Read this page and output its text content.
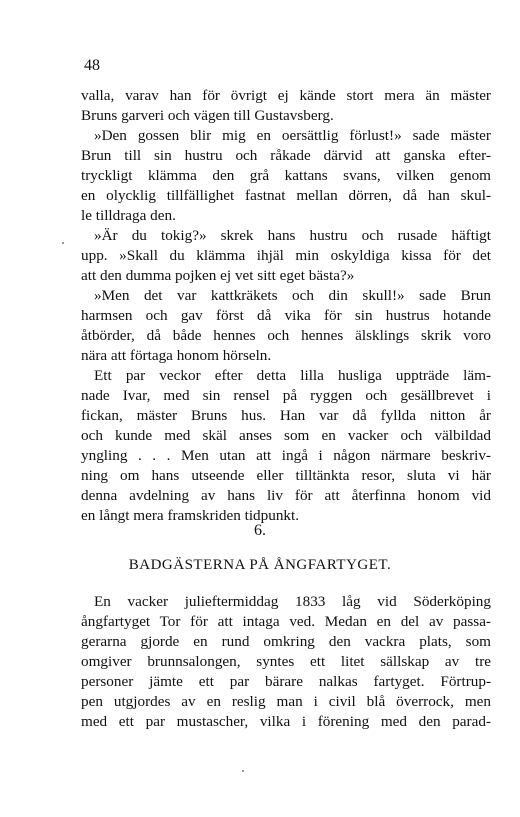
48
valla, varav han för övrigt ej kände stort mera än mäster
Bruns garveri och vägen till Gustavsberg.
»Den gossen blir mig en oersättlig förlust!» sade mäster
Brun till sin hustru och råkade därvid att ganska efter-
tryckligt klämma den grå kattans svans, vilken genom
en olycklig tillfällighet fastnat mellan dörren, då han skul-
le tilldraga den.
»Är du tokig?» skrek hans hustru och rusade häftigt
upp. »Skall du klämma ihjäl min oskyldiga kissa för det
att den dumma pojken ej vet sitt eget bästa?»
»Men det var kattkräkets och din skull!» sade Brun
harmsen och gav först då vika för sin hustrus hotande
åtbörder, då både hennes och hennes älsklings skrik voro
nära att förtaga honom hörseln.
Ett par veckor efter detta lilla husliga uppträde läm-
nade Ivar, med sin rensel på ryggen och gesällbrevet i
fickan, mäster Bruns hus. Han var då fyllda nitton år
och kunde med skäl anses som en vacker och välbildad
yngling . . . Men utan att ingå i någon närmare beskriv-
ning om hans utseende eller tilltänkta resor, sluta vi här
denna avdelning av hans liv för att återfinna honom vid
en långt mera framskriden tidpunkt.
6.
BADGÄSTERNA PÅ ÅNGFARTYGET.
En vacker julieftermiddag 1833 låg vid Söderköping
ångfartyget Tor för att intaga ved. Medan en del av passa-
gerarna gjorde en rund omkring den vackra plats, som
omgiver brunnsalongen, syntes ett litet sällskap av tre
personer jämte ett par bärare nalkas fartyget. Förtrup-
pen utgjordes av en reslig man i civil blå överrock, men
med ett par mustascher, vilka i förening med den parad-
